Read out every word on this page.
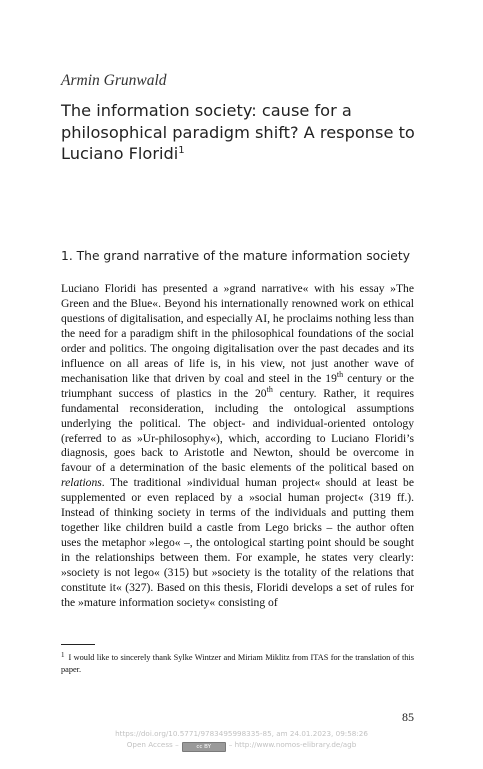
Armin Grunwald
The information society: cause for a philosophical paradigm shift? A response to Luciano Floridi$^1$
1. The grand narrative of the mature information society

Luciano Floridi has presented a »grand narrative« with his essay »The Green and the Blue«. Beyond his internationally renowned work on ethical questions of digitalisation, and especially AI, he proclaims nothing less than the need for a paradigm shift in the philosophical foundations of the social order and politics. The ongoing digitalisation over the past decades and its influence on all areas of life is, in his view, not just another wave of mechanisation like that driven by coal and steel in the 19th century or the triumphant success of plastics in the 20th century. Rather, it requires fundamental reconsideration, including the ontological assumptions underlying the political. The object- and individual-oriented ontology (referred to as »Ur-philosophy«), which, according to Luciano Floridi’s diagnosis, goes back to Aristotle and Newton, should be overcome in favour of a determination of the basic elements of the political based on relations. The traditional »individual human project« should at least be supplemented or even replaced by a »social human project« (319 ff.). Instead of thinking society in terms of the individuals and putting them together like children build a castle from Lego bricks – the author often uses the metaphor »lego« –, the ontological starting point should be sought in the relationships between them. For example, he states very clearly: »society is not lego« (315) but »society is the totality of the relations that constitute it« (327). Based on this thesis, Floridi develops a set of rules for the »mature information society« consisting of

$^1$ I would like to sincerely thank Sylke Wintzer and Miriam Miklitz from ITAS for the translation of this paper.

85
https://doi.org/10.5771/9783495998335-85, am 24.01.2023, 09:58:26
Open Access –	cc BY – http://www.nomos-elibrary.de/agb
